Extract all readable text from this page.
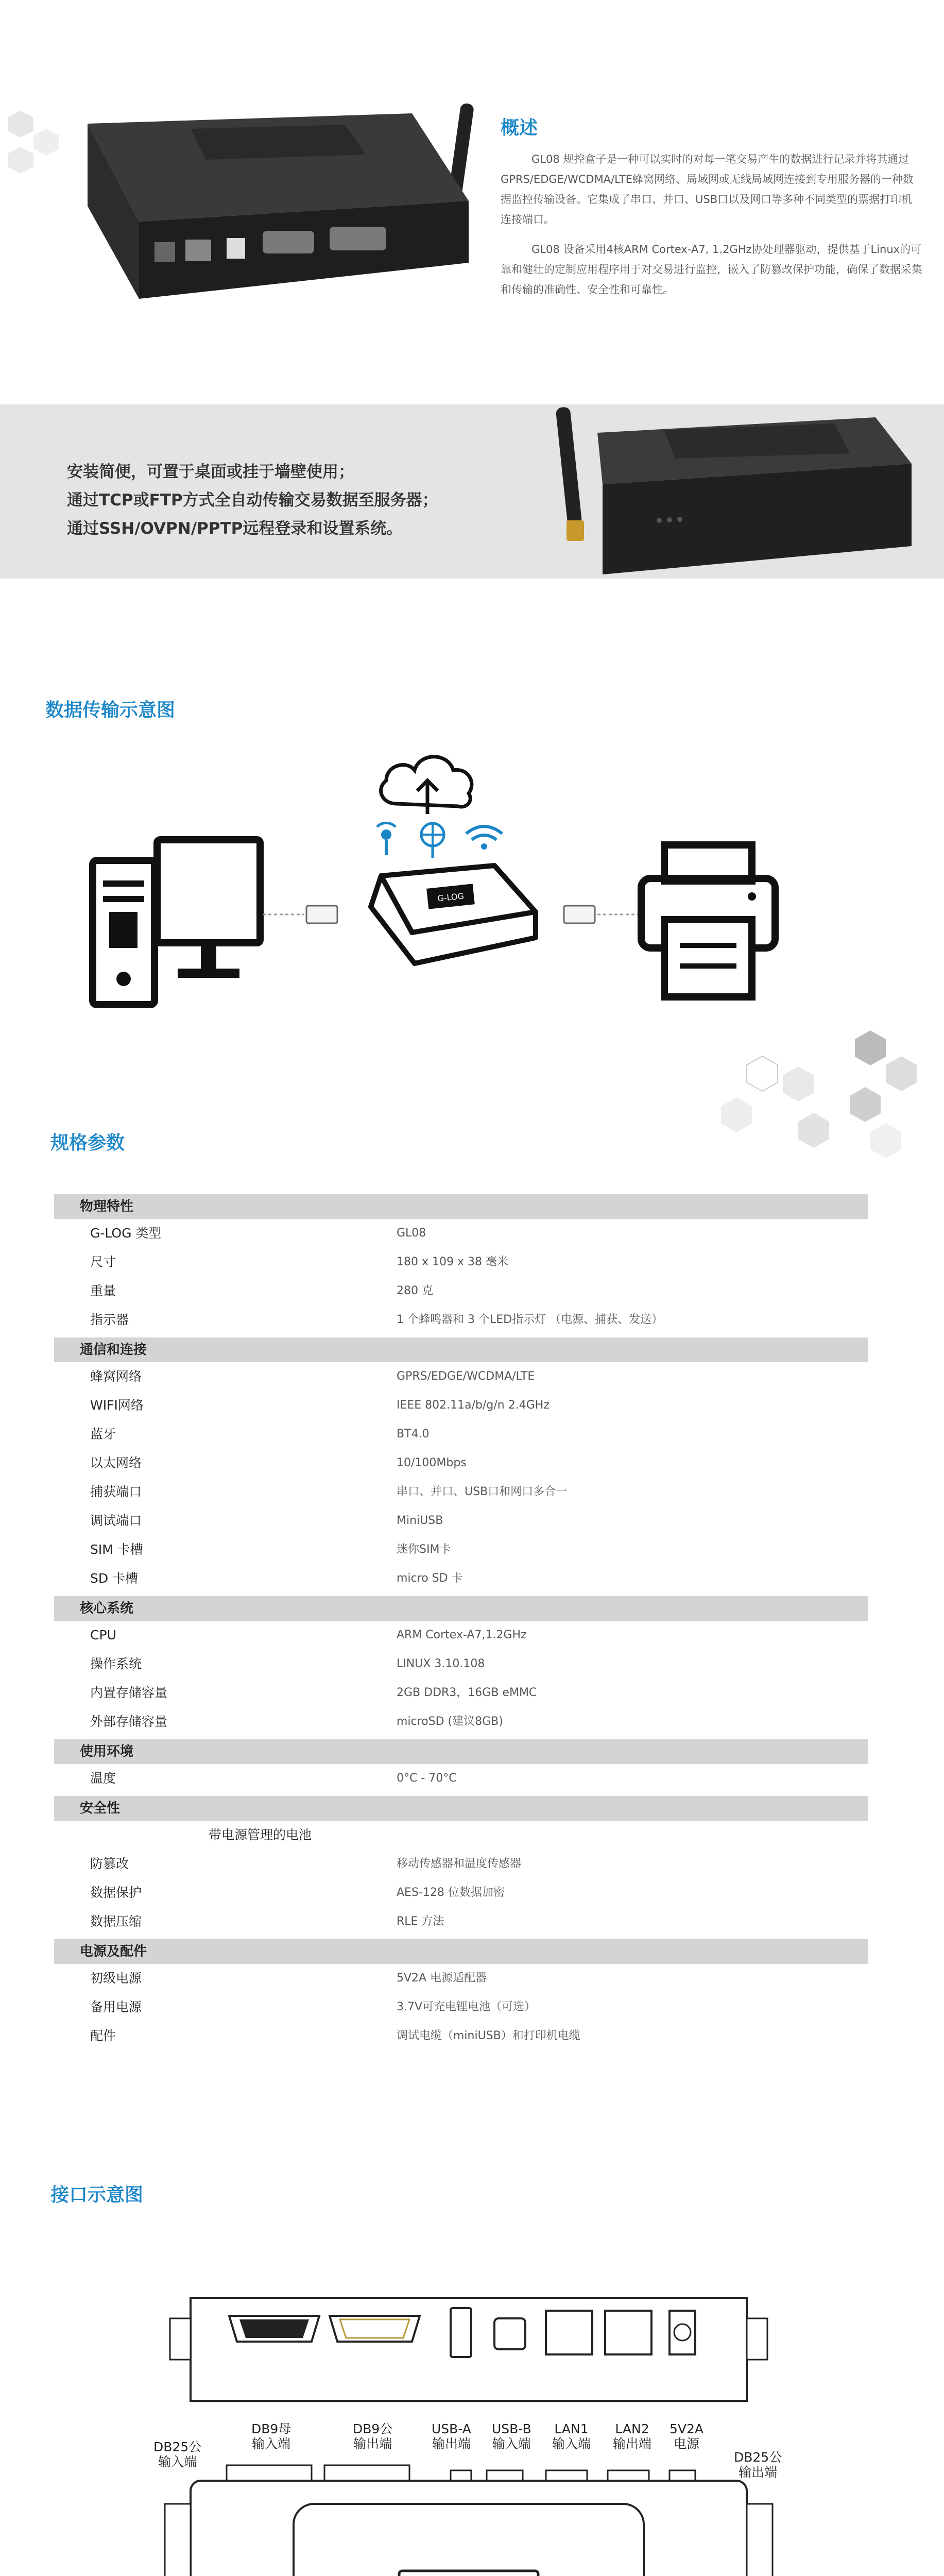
概述

GL08 规控盒子是一种可以实时的对每一笔交易产生的数据进行记录并将其通过GPRS/EDGE/WCDMA/LTE蜂窝网络、局域网或无线局域网连接到专用服务器的一种数据监控传输设备。它集成了串口、并口、USB口以及网口等多种不同类型的票据打印机连接端口。

GL08 设备采用4核ARM Cortex-A7, 1.2GHz协处理器驱动，提供基于Linux的可靠和健壮的定制应用程序用于对交易进行监控，嵌入了防篡改保护功能，确保了数据采集和传输的准确性、安全性和可靠性。

安装简便，可置于桌面或挂于墙壁使用；
通过TCP或FTP方式全自动传输交易数据至服务器；
通过SSH/OVPN/PPTP远程登录和设置系统。
数据传输示意图
G-LOG
规格参数
物理特性
G-LOG 类型	GL08
尺寸	180 x 109 x 38 毫米
重量	280 克
指示器	1 个蜂鸣器和 3 个LED指示灯 （电源、捕获、发送）
通信和连接
蜂窝网络	GPRS/EDGE/WCDMA/LTE
WIFI网络	IEEE 802.11a/b/g/n 2.4GHz
蓝牙	BT4.0
以太网络	10/100Mbps
捕获端口	串口、并口、USB口和网口多合一
调试端口	MiniUSB
SIM 卡槽	迷你SIM卡
SD 卡槽	micro SD 卡
核心系统
CPU	ARM Cortex-A7,1.2GHz
操作系统	LINUX 3.10.108
内置存储容量	2GB DDR3，16GB eMMC
外部存储容量	microSD (建议8GB)
使用环境
温度	0°C - 70°C
安全性
带电源管理的电池
防篡改	移动传感器和温度传感器
数据保护	AES-128 位数据加密
数据压缩	RLE 方法
电源及配件
初级电源	5V2A 电源适配器
备用电源	3.7V可充电锂电池（可选）
配件	调试电缆（miniUSB）和打印机电缆
接口示意图
DB25公
输入端
DB9母
输入端
DB9公
输出端
USB-A
输出端
USB-B
输入端
LAN1
输入端
LAN2
输出端
5V2A
电源
DB25公
输出端
